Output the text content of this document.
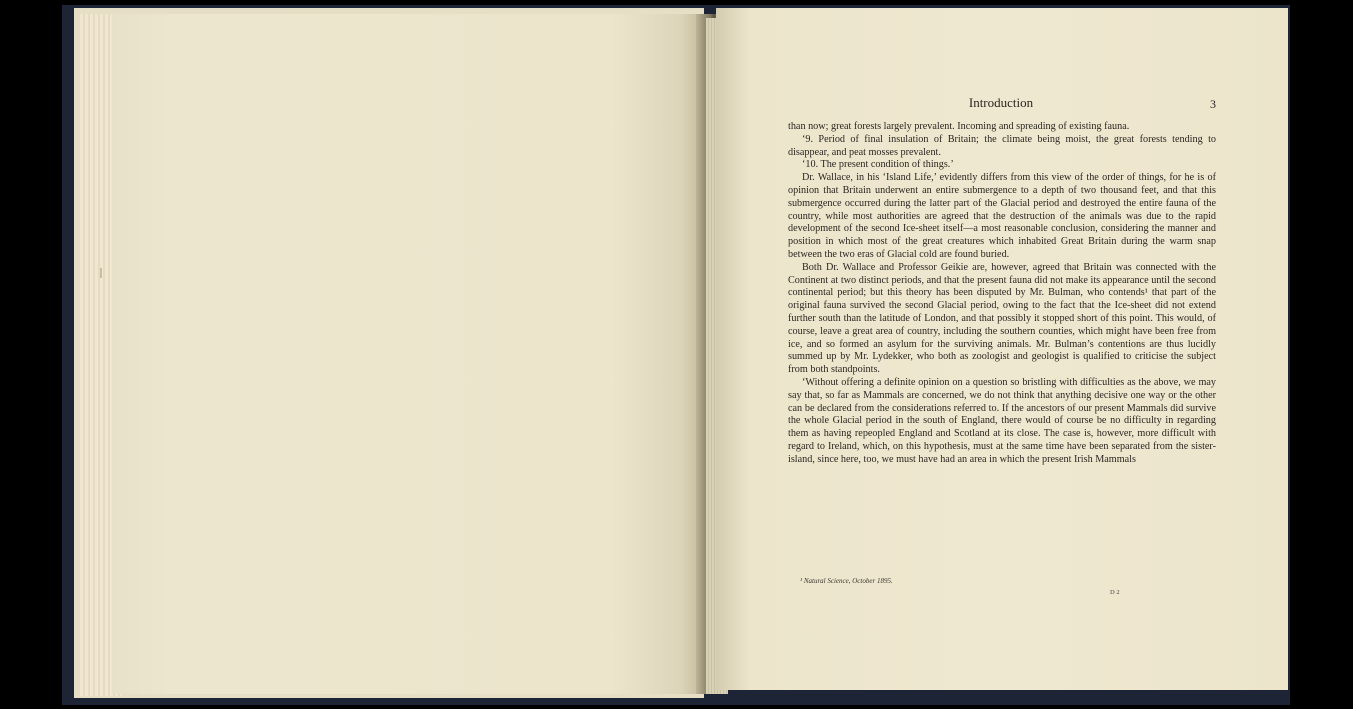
Introduction	3

than now; great forests largely prevalent. Incoming and spreading of existing fauna.

‘9. Period of final insulation of Britain; the climate being moist, the great forests tending to disappear, and peat mosses prevalent.

‘10. The present condition of things.’

Dr. Wallace, in his ‘Island Life,’ evidently differs from this view of the order of things, for he is of opinion that Britain underwent an entire submergence to a depth of two thousand feet, and that this submergence occurred during the latter part of the Glacial period and destroyed the entire fauna of the country, while most authorities are agreed that the destruction of the animals was due to the rapid development of the second Ice-sheet itself—a most reasonable conclusion, considering the manner and position in which most of the great creatures which inhabited Great Britain during the warm snap between the two eras of Glacial cold are found buried.

Both Dr. Wallace and Professor Geikie are, however, agreed that Britain was connected with the Continent at two distinct periods, and that the present fauna did not make its appearance until the second continental period; but this theory has been disputed by Mr. Bulman, who contends¹ that part of the original fauna survived the second Glacial period, owing to the fact that the Ice-sheet did not extend further south than the latitude of London, and that possibly it stopped short of this point. This would, of course, leave a great area of country, including the southern counties, which might have been free from ice, and so formed an asylum for the surviving animals. Mr. Bulman’s contentions are thus lucidly summed up by Mr. Lydekker, who both as zoologist and geologist is qualified to criticise the subject from both standpoints.

‘Without offering a definite opinion on a question so bristling with difficulties as the above, we may say that, so far as Mammals are concerned, we do not think that anything decisive one way or the other can be declared from the considerations referred to. If the ancestors of our present Mammals did survive the whole Glacial period in the south of England, there would of course be no difficulty in regarding them as having repeopled England and Scotland at its close. The case is, however, more difficult with regard to Ireland, which, on this hypothesis, must at the same time have been separated from the sister-island, since here, too, we must have had an area in which the present Irish Mammals

¹ Natural Science, October 1895.
D 2
